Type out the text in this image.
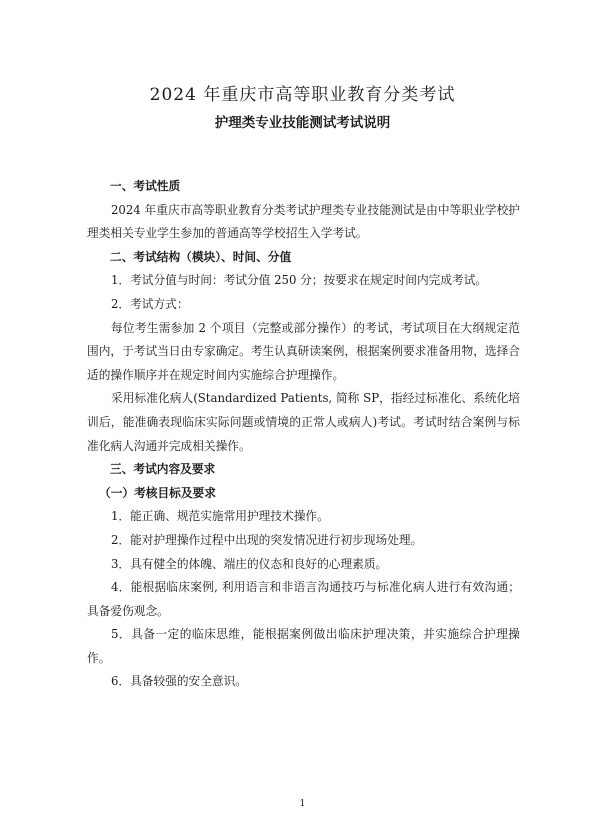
2024 年重庆市高等职业教育分类考试
护理类专业技能测试考试说明
一、考试性质

2024 年重庆市高等职业教育分类考试护理类专业技能测试是由中等职业学校护理类相关专业学生参加的普通高等学校招生入学考试。

二、考试结构（模块）、时间、分值

1．考试分值与时间：考试分值 250 分；按要求在规定时间内完成考试。

2．考试方式：

每位考生需参加 2 个项目（完整或部分操作）的考试，考试项目在大纲规定范围内，于考试当日由专家确定。考生认真研读案例，根据案例要求准备用物，选择合适的操作顺序并在规定时间内实施综合护理操作。

采用标准化病人(Standardized Patients, 简称 SP，指经过标准化、系统化培训后，能准确表现临床实际问题或情境的正常人或病人)考试。考试时结合案例与标准化病人沟通并完成相关操作。

三、考试内容及要求
（一）考核目标及要求

1．能正确、规范实施常用护理技术操作。

2．能对护理操作过程中出现的突发情况进行初步现场处理。

3．具有健全的体魄、端庄的仪态和良好的心理素质。

4．能根据临床案例, 利用语言和非语言沟通技巧与标准化病人进行有效沟通；具备爱伤观念。

5．具备一定的临床思维，能根据案例做出临床护理决策，并实施综合护理操作。

6．具备较强的安全意识。

1
